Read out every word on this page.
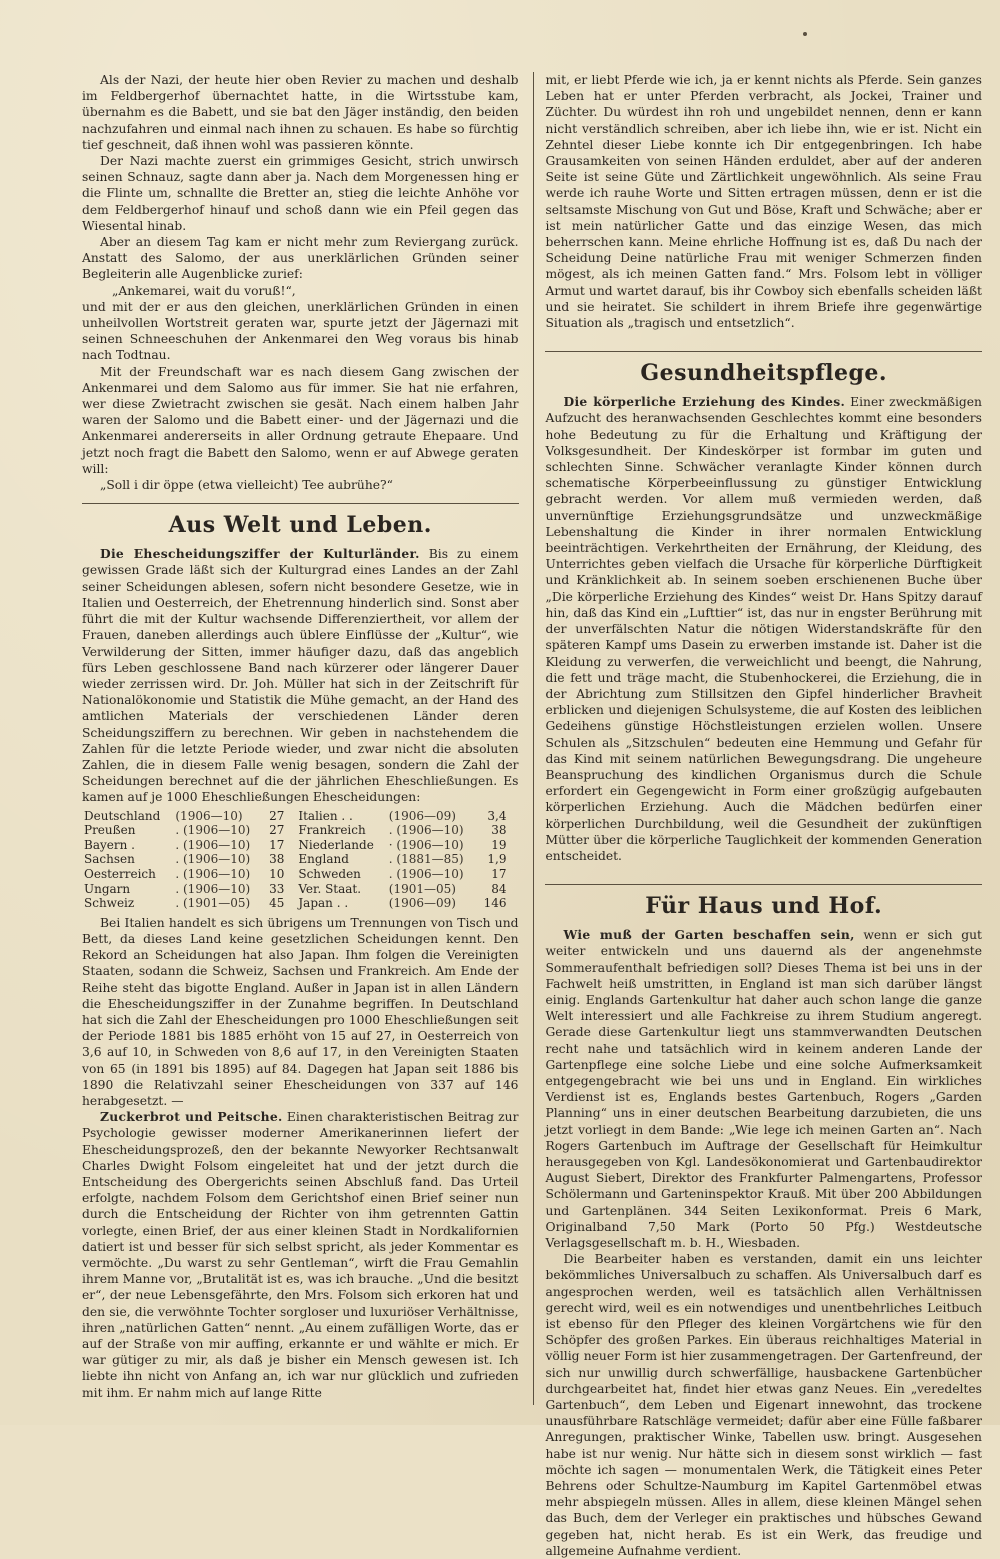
Als der Nazi, der heute hier oben Revier zu machen und deshalb im Feldbergerhof übernachtet hatte, in die Wirtsstube kam, übernahm es die Babett, und sie bat den Jäger inständig, den beiden nachzufahren und einmal nach ihnen zu schauen. Es habe so fürchtig tief geschneit, daß ihnen wohl was passieren könnte.

Der Nazi machte zuerst ein grimmiges Gesicht, strich unwirsch seinen Schnauz, sagte dann aber ja. Nach dem Morgenessen hing er die Flinte um, schnallte die Bretter an, stieg die leichte Anhöhe vor dem Feldbergerhof hinauf und schoß dann wie ein Pfeil gegen das Wiesental hinab.

Aber an diesem Tag kam er nicht mehr zum Reviergang zurück. Anstatt des Salomo, der aus unerklärlichen Gründen seiner Begleiterin alle Augenblicke zurief:

„Ankemarei, wait du voruß!“,

und mit der er aus den gleichen, unerklärlichen Gründen in einen unheilvollen Wortstreit geraten war, spurte jetzt der Jägernazi mit seinen Schneeschuhen der Ankenmarei den Weg voraus bis hinab nach Todtnau.

Mit der Freundschaft war es nach diesem Gang zwischen der Ankenmarei und dem Salomo aus für immer. Sie hat nie erfahren, wer diese Zwietracht zwischen sie gesät. Nach einem halben Jahr waren der Salomo und die Babett einer- und der Jägernazi und die Ankenmarei andererseits in aller Ordnung getraute Ehepaare. Und jetzt noch fragt die Babett den Salomo, wenn er auf Abwege geraten will:

„Soll i dir öppe (etwa vielleicht) Tee aubrühe?“

Aus Welt und Leben.

Die Ehescheidungsziffer der Kulturländer. Bis zu einem gewissen Grade läßt sich der Kulturgrad eines Landes an der Zahl seiner Scheidungen ablesen, sofern nicht besondere Gesetze, wie in Italien und Oesterreich, der Ehetrennung hinderlich sind. Sonst aber führt die mit der Kultur wachsende Differenziertheit, vor allem der Frauen, daneben allerdings auch üblere Einflüsse der „Kultur“, wie Verwilderung der Sitten, immer häufiger dazu, daß das angeblich fürs Leben geschlossene Band nach kürzerer oder längerer Dauer wieder zerrissen wird. Dr. Joh. Müller hat sich in der Zeitschrift für Nationalökonomie und Statistik die Mühe gemacht, an der Hand des amtlichen Materials der verschiedenen Länder deren Scheidungsziffern zu berechnen. Wir geben in nachstehendem die Zahlen für die letzte Periode wieder, und zwar nicht die absoluten Zahlen, die in diesem Falle wenig besagen, sondern die Zahl der Scheidungen berechnet auf die der jährlichen Eheschließungen. Es kamen auf je 1000 Eheschließungen Ehescheidungen:

Deutschland	(1906—10)	27	Italien . .	(1906—09)	3,4
Preußen	. (1906—10)	27	Frankreich	. (1906—10)	38
Bayern .	. (1906—10)	17	Niederlande	· (1906—10)	19
Sachsen	. (1906—10)	38	England	. (1881—85)	1,9
Oesterreich	. (1906—10)	10	Schweden	. (1906—10)	17
Ungarn	. (1906—10)	33	Ver. Staat.	(1901—05)	84
Schweiz	. (1901—05)	45	Japan . .	(1906—09)	146

Bei Italien handelt es sich übrigens um Trennungen von Tisch und Bett, da dieses Land keine gesetzlichen Scheidungen kennt. Den Rekord an Scheidungen hat also Japan. Ihm folgen die Vereinigten Staaten, sodann die Schweiz, Sachsen und Frankreich. Am Ende der Reihe steht das bigotte England. Außer in Japan ist in allen Ländern die Ehescheidungsziffer in der Zunahme begriffen. In Deutschland hat sich die Zahl der Ehescheidungen pro 1000 Eheschließungen seit der Periode 1881 bis 1885 erhöht von 15 auf 27, in Oesterreich von 3,6 auf 10, in Schweden von 8,6 auf 17, in den Vereinigten Staaten von 65 (in 1891 bis 1895) auf 84. Dagegen hat Japan seit 1886 bis 1890 die Relativzahl seiner Ehescheidungen von 337 auf 146 herabgesetzt. —

Zuckerbrot und Peitsche. Einen charakteristischen Beitrag zur Psychologie gewisser moderner Amerikanerinnen liefert der Ehescheidungsprozeß, den der bekannte Newyorker Rechtsanwalt Charles Dwight Folsom eingeleitet hat und der jetzt durch die Entscheidung des Obergerichts seinen Abschluß fand. Das Urteil erfolgte, nachdem Folsom dem Gerichtshof einen Brief seiner nun durch die Entscheidung der Richter von ihm getrennten Gattin vorlegte, einen Brief, der aus einer kleinen Stadt in Nordkalifornien datiert ist und besser für sich selbst spricht, als jeder Kommentar es vermöchte. „Du warst zu sehr Gentleman“, wirft die Frau Gemahlin ihrem Manne vor, „Brutalität ist es, was ich brauche. „Und die besitzt er“, der neue Lebensgefährte, den Mrs. Folsom sich erkoren hat und den sie, die verwöhnte Tochter sorgloser und luxuriöser Verhältnisse, ihren „natürlichen Gatten“ nennt. „Au einem zufälligen Worte, das er auf der Straße von mir auffing, erkannte er und wählte er mich. Er war gütiger zu mir, als daß je bisher ein Mensch gewesen ist. Ich liebte ihn nicht von Anfang an, ich war nur glücklich und zufrieden mit ihm. Er nahm mich auf lange Ritte

mit, er liebt Pferde wie ich, ja er kennt nichts als Pferde. Sein ganzes Leben hat er unter Pferden verbracht, als Jockei, Trainer und Züchter. Du würdest ihn roh und ungebildet nennen, denn er kann nicht verständlich schreiben, aber ich liebe ihn, wie er ist. Nicht ein Zehntel dieser Liebe konnte ich Dir entgegenbringen. Ich habe Grausamkeiten von seinen Händen erduldet, aber auf der anderen Seite ist seine Güte und Zärtlichkeit ungewöhnlich. Als seine Frau werde ich rauhe Worte und Sitten ertragen müssen, denn er ist die seltsamste Mischung von Gut und Böse, Kraft und Schwäche; aber er ist mein natürlicher Gatte und das einzige Wesen, das mich beherrschen kann. Meine ehrliche Hoffnung ist es, daß Du nach der Scheidung Deine natürliche Frau mit weniger Schmerzen finden mögest, als ich meinen Gatten fand.“ Mrs. Folsom lebt in völliger Armut und wartet darauf, bis ihr Cowboy sich ebenfalls scheiden läßt und sie heiratet. Sie schildert in ihrem Briefe ihre gegenwärtige Situation als „tragisch und entsetzlich“.

Gesundheitspflege.

Die körperliche Erziehung des Kindes. Einer zweckmäßigen Aufzucht des heranwachsenden Geschlechtes kommt eine besonders hohe Bedeutung zu für die Erhaltung und Kräftigung der Volksgesundheit. Der Kindeskörper ist formbar im guten und schlechten Sinne. Schwächer veranlagte Kinder können durch schematische Körperbeeinflussung zu günstiger Entwicklung gebracht werden. Vor allem muß vermieden werden, daß unvernünftige Erziehungsgrundsätze und unzweckmäßige Lebenshaltung die Kinder in ihrer normalen Entwicklung beeinträchtigen. Verkehrtheiten der Ernährung, der Kleidung, des Unterrichtes geben vielfach die Ursache für körperliche Dürftigkeit und Kränklichkeit ab. In seinem soeben erschienenen Buche über „Die körperliche Erziehung des Kindes“ weist Dr. Hans Spitzy darauf hin, daß das Kind ein „Lufttier“ ist, das nur in engster Berührung mit der unverfälschten Natur die nötigen Widerstandskräfte für den späteren Kampf ums Dasein zu erwerben imstande ist. Daher ist die Kleidung zu verwerfen, die verweichlicht und beengt, die Nahrung, die fett und träge macht, die Stubenhockerei, die Erziehung, die in der Abrichtung zum Stillsitzen den Gipfel hinderlicher Bravheit erblicken und diejenigen Schulsysteme, die auf Kosten des leiblichen Gedeihens günstige Höchstleistungen erzielen wollen. Unsere Schulen als „Sitzschulen“ bedeuten eine Hemmung und Gefahr für das Kind mit seinem natürlichen Bewegungsdrang. Die ungeheure Beanspruchung des kindlichen Organismus durch die Schule erfordert ein Gegengewicht in Form einer großzügig aufgebauten körperlichen Erziehung. Auch die Mädchen bedürfen einer körperlichen Durchbildung, weil die Gesundheit der zukünftigen Mütter über die körperliche Tauglichkeit der kommenden Generation entscheidet.

Für Haus und Hof.

Wie muß der Garten beschaffen sein, wenn er sich gut weiter entwickeln und uns dauernd als der angenehmste Sommeraufenthalt befriedigen soll? Dieses Thema ist bei uns in der Fachwelt heiß umstritten, in England ist man sich darüber längst einig. Englands Gartenkultur hat daher auch schon lange die ganze Welt interessiert und alle Fachkreise zu ihrem Studium angeregt. Gerade diese Gartenkultur liegt uns stammverwandten Deutschen recht nahe und tatsächlich wird in keinem anderen Lande der Gartenpflege eine solche Liebe und eine solche Aufmerksamkeit entgegengebracht wie bei uns und in England. Ein wirkliches Verdienst ist es, Englands bestes Gartenbuch, Rogers „Garden Planning“ uns in einer deutschen Bearbeitung darzubieten, die uns jetzt vorliegt in dem Bande: „Wie lege ich meinen Garten an“. Nach Rogers Gartenbuch im Auftrage der Gesellschaft für Heimkultur herausgegeben von Kgl. Landesökonomierat und Gartenbaudirektor August Siebert, Direktor des Frankfurter Palmengartens, Professor Schölermann und Garteninspektor Krauß. Mit über 200 Abbildungen und Gartenplänen. 344 Seiten Lexikonformat. Preis 6 Mark, Originalband 7,50 Mark (Porto 50 Pfg.) Westdeutsche Verlagsgesellschaft m. b. H., Wiesbaden.

Die Bearbeiter haben es verstanden, damit ein uns leichter bekömmliches Universalbuch zu schaffen. Als Universalbuch darf es angesprochen werden, weil es tatsächlich allen Verhältnissen gerecht wird, weil es ein notwendiges und unentbehrliches Leitbuch ist ebenso für den Pfleger des kleinen Vorgärtchens wie für den Schöpfer des großen Parkes. Ein überaus reichhaltiges Material in völlig neuer Form ist hier zusammengetragen. Der Gartenfreund, der sich nur unwillig durch schwerfällige, hausbackene Gartenbücher durchgearbeitet hat, findet hier etwas ganz Neues. Ein „veredeltes Gartenbuch“, dem Leben und Eigenart innewohnt, das trockene unausführbare Ratschläge vermeidet; dafür aber eine Fülle faßbarer Anregungen, praktischer Winke, Tabellen usw. bringt. Ausgesehen habe ist nur wenig. Nur hätte sich in diesem sonst wirklich — fast möchte ich sagen — monumentalen Werk, die Tätigkeit eines Peter Behrens oder Schultze-Naumburg im Kapitel Gartenmöbel etwas mehr abspiegeln müssen. Alles in allem, diese kleinen Mängel sehen das Buch, dem der Verleger ein praktisches und hübsches Gewand gegeben hat, nicht herab. Es ist ein Werk, das freudige und allgemeine Aufnahme verdient.
